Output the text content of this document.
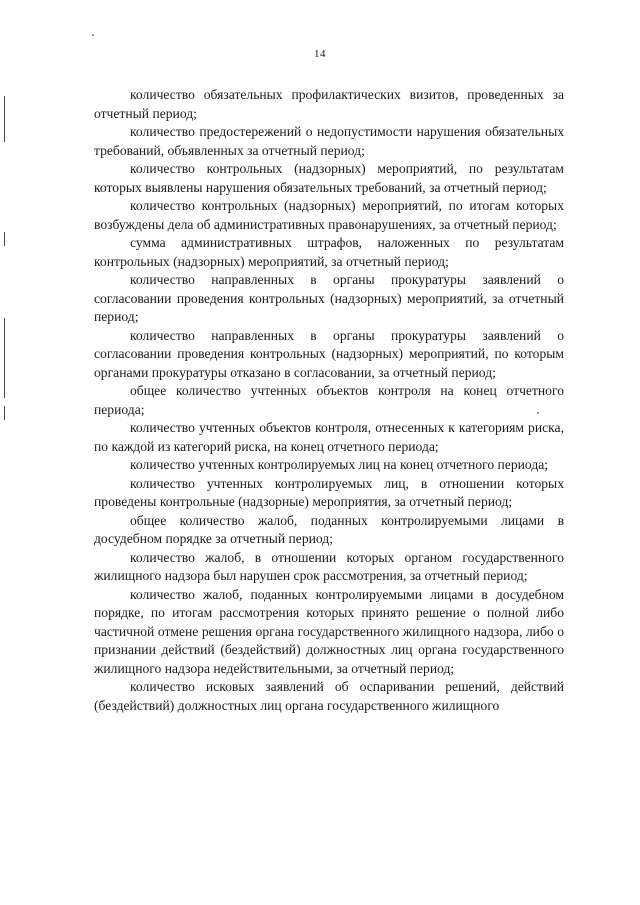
14

количество обязательных профилактических визитов, проведенных за отчетный период;

количество предостережений о недопустимости нарушения обязательных требований, объявленных за отчетный период;

количество контрольных (надзорных) мероприятий, по результатам которых выявлены нарушения обязательных требований, за отчетный период;

количество контрольных (надзорных) мероприятий, по итогам которых возбуждены дела об административных правонарушениях, за отчетный период;

сумма административных штрафов, наложенных по результатам контрольных (надзорных) мероприятий, за отчетный период;

количество направленных в органы прокуратуры заявлений о согласовании проведения контрольных (надзорных) мероприятий, за отчетный период;

количество направленных в органы прокуратуры заявлений о согласовании проведения контрольных (надзорных) мероприятий, по которым органами прокуратуры отказано в согласовании, за отчетный период;

общее количество учтенных объектов контроля на конец отчетного периода;

количество учтенных объектов контроля, отнесенных к категориям риска, по каждой из категорий риска, на конец отчетного периода;

количество учтенных контролируемых лиц на конец отчетного периода;

количество учтенных контролируемых лиц, в отношении которых проведены контрольные (надзорные) мероприятия, за отчетный период;

общее количество жалоб, поданных контролируемыми лицами в досудебном порядке за отчетный период;

количество жалоб, в отношении которых органом государственного жилищного надзора был нарушен срок рассмотрения, за отчетный период;

количество жалоб, поданных контролируемыми лицами в досудебном порядке, по итогам рассмотрения которых принято решение о полной либо частичной отмене решения органа государственного жилищного надзора, либо о признании действий (бездействий) должностных лиц органа государственного жилищного надзора недействительными, за отчетный период;

количество исковых заявлений об оспаривании решений, действий (бездействий) должностных лиц органа государственного жилищного
